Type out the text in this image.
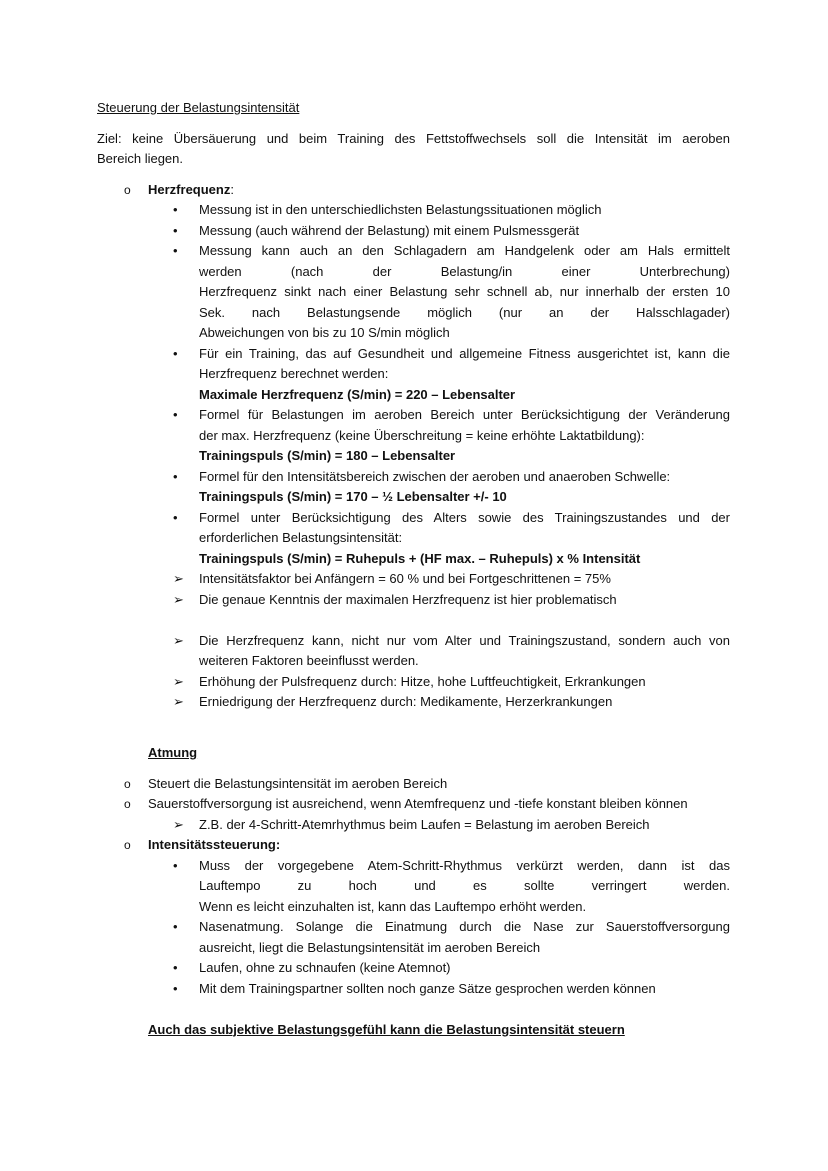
Steuerung der Belastungsintensität
Ziel: keine Übersäuerung und beim Training des Fettstoffwechsels soll die Intensität im aeroben
Bereich liegen.
o Herzfrequenz:
• Messung ist in den unterschiedlichsten Belastungssituationen möglich
• Messung (auch während der Belastung) mit einem Pulsmessgerät
• Messung kann auch an den Schlagadern am Handgelenk oder am Hals ermittelt
werden (nach der Belastung/in einer Unterbrechung)
Herzfrequenz sinkt nach einer Belastung sehr schnell ab, nur innerhalb der ersten 10
Sek. nach Belastungsende möglich (nur an der Halsschlagader)
Abweichungen von bis zu 10 S/min möglich
• Für ein Training, das auf Gesundheit und allgemeine Fitness ausgerichtet ist, kann die
Herzfrequenz berechnet werden:
Maximale Herzfrequenz (S/min) = 220 – Lebensalter
• Formel für Belastungen im aeroben Bereich unter Berücksichtigung der Veränderung
der max. Herzfrequenz (keine Überschreitung = keine erhöhte Laktatbildung):
Trainingspuls (S/min) = 180 – Lebensalter
• Formel für den Intensitätsbereich zwischen der aeroben und anaeroben Schwelle:
Trainingspuls (S/min) = 170 – ½ Lebensalter +/- 10
• Formel unter Berücksichtigung des Alters sowie des Trainingszustandes und der
erforderlichen Belastungsintensität:
Trainingspuls (S/min) = Ruhepuls + (HF max. – Ruhepuls) x % Intensität
➢ Intensitätsfaktor bei Anfängern = 60 % und bei Fortgeschrittenen = 75%
➢ Die genaue Kenntnis der maximalen Herzfrequenz ist hier problematisch
➢ Die Herzfrequenz kann, nicht nur vom Alter und Trainingszustand, sondern auch von
weiteren Faktoren beeinflusst werden.
➢ Erhöhung der Pulsfrequenz durch: Hitze, hohe Luftfeuchtigkeit, Erkrankungen
➢ Erniedrigung der Herzfrequenz durch: Medikamente, Herzerkrankungen
Atmung
o Steuert die Belastungsintensität im aeroben Bereich
o Sauerstoffversorgung ist ausreichend, wenn Atemfrequenz und -tiefe konstant bleiben können
➢ Z.B. der 4-Schritt-Atemrhythmus beim Laufen = Belastung im aeroben Bereich
o Intensitätssteuerung:
• Muss der vorgegebene Atem-Schritt-Rhythmus verkürzt werden, dann ist das
Lauftempo zu hoch und es sollte verringert werden.
Wenn es leicht einzuhalten ist, kann das Lauftempo erhöht werden.
• Nasenatmung. Solange die Einatmung durch die Nase zur Sauerstoffversorgung
ausreicht, liegt die Belastungsintensität im aeroben Bereich
• Laufen, ohne zu schnaufen (keine Atemnot)
• Mit dem Trainingspartner sollten noch ganze Sätze gesprochen werden können
Auch das subjektive Belastungsgefühl kann die Belastungsintensität steuern
